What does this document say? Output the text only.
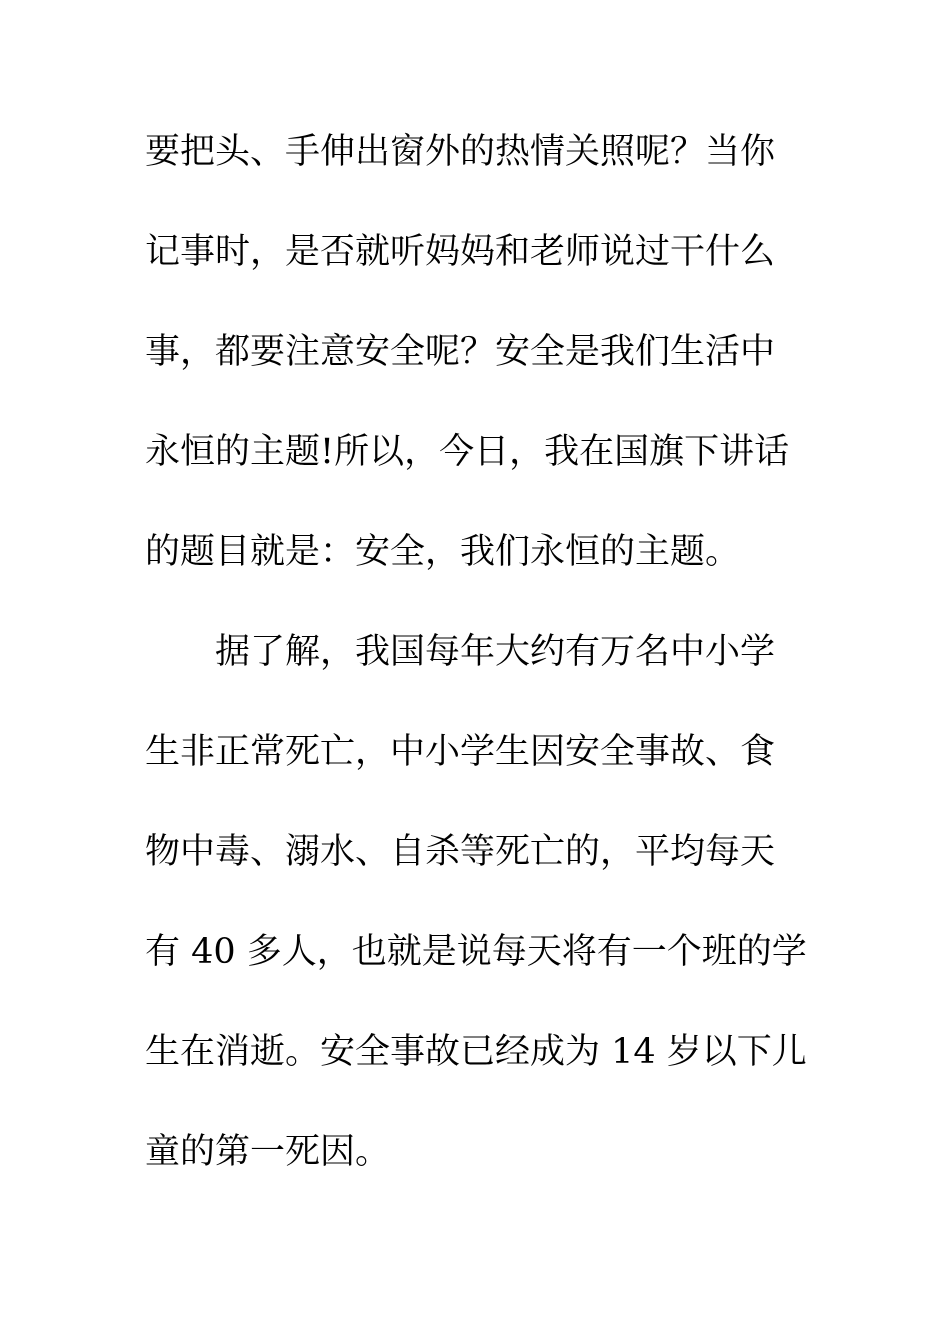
要把头、手伸出窗外的热情关照呢？当你
记事时，是否就听妈妈和老师说过干什么
事，都要注意安全呢？安全是我们生活中
永恒的主题!所以，今日，我在国旗下讲话
的题目就是：安全，我们永恒的主题。
　　据了解，我国每年大约有万名中小学
生非正常死亡，中小学生因安全事故、食
物中毒、溺水、自杀等死亡的，平均每天
有 40 多人，也就是说每天将有一个班的学
生在消逝。安全事故已经成为 14 岁以下儿
童的第一死因。
